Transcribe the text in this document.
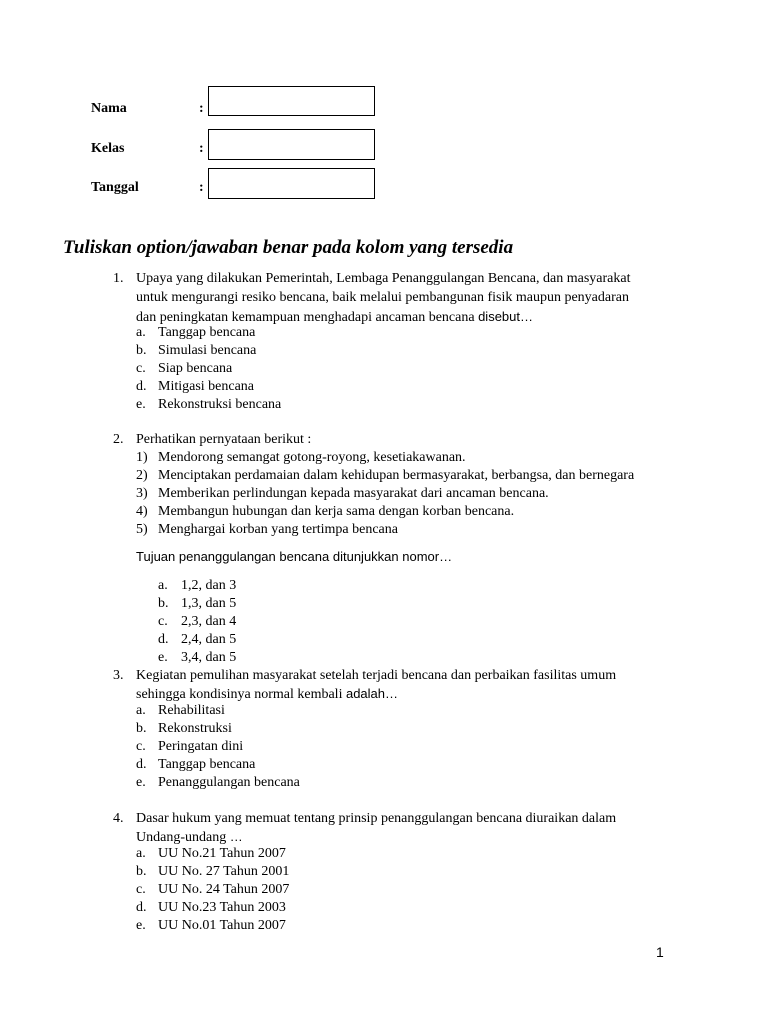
Nama	:
Kelas	:
Tanggal	:
Tuliskan option/jawaban benar pada kolom yang tersedia
1. Upaya yang dilakukan Pemerintah, Lembaga Penanggulangan Bencana, dan masyarakat
untuk mengurangi resiko bencana, baik melalui pembangunan fisik maupun penyadaran
dan peningkatan kemampuan menghadapi ancaman bencana disebut…
a. Tanggap bencana
b. Simulasi bencana
c. Siap bencana
d. Mitigasi bencana
e. Rekonstruksi bencana
2. Perhatikan pernyataan berikut :
1) Mendorong semangat gotong-royong, kesetiakawanan.
2) Menciptakan perdamaian dalam kehidupan bermasyarakat, berbangsa, dan bernegara
3) Memberikan perlindungan kepada masyarakat dari ancaman bencana.
4) Membangun hubungan dan kerja sama dengan korban bencana.
5) Menghargai korban yang tertimpa bencana
Tujuan penanggulangan bencana ditunjukkan nomor…
a. 1,2, dan 3
b. 1,3, dan 5
c. 2,3, dan 4
d. 2,4, dan 5
e. 3,4, dan 5
3. Kegiatan pemulihan masyarakat setelah terjadi bencana dan perbaikan fasilitas umum
sehingga kondisinya normal kembali adalah…
a. Rehabilitasi
b. Rekonstruksi
c. Peringatan dini
d. Tanggap bencana
e. Penanggulangan bencana
4. Dasar hukum yang memuat tentang prinsip penanggulangan bencana diuraikan dalam
Undang-undang …
a. UU No.21 Tahun 2007
b. UU No. 27 Tahun 2001
c. UU No. 24 Tahun 2007
d. UU No.23 Tahun 2003
e. UU No.01 Tahun 2007
1
